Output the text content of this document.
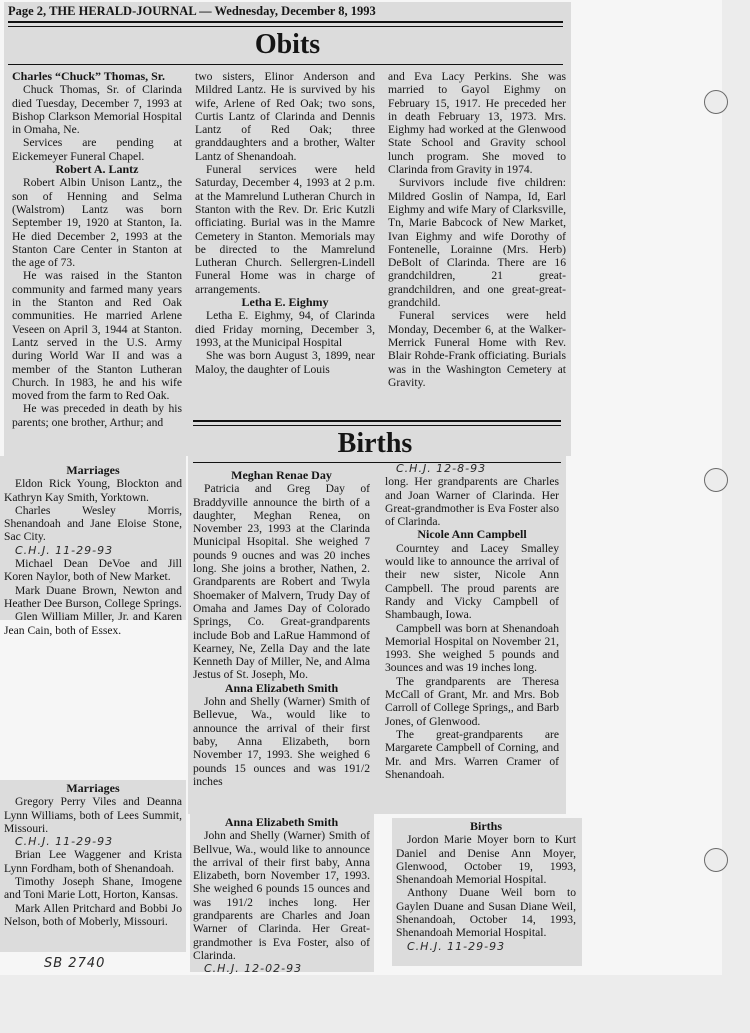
Page 2, THE HERALD-JOURNAL — Wednesday, December 8, 1993
Obits

Charles “Chuck” Thomas, Sr.

Chuck Thomas, Sr. of Clarinda died Tuesday, December 7, 1993 at Bishop Clarkson Memorial Hospital in Omaha, Ne.

Services are pending at Eickemeyer Funeral Chapel.

Robert A. Lantz

Robert Albin Unison Lantz,, the son of Henning and Selma (Walstrom) Lantz was born September 19, 1920 at Stanton, Ia. He died December 2, 1993 at the Stanton Care Center in Stanton at the age of 73.

He was raised in the Stanton community and farmed many years in the Stanton and Red Oak communities. He married Arlene Veseen on April 3, 1944 at Stanton. Lantz served in the U.S. Army during World War II and was a member of the Stanton Lutheran Church. In 1983, he and his wife moved from the farm to Red Oak.

He was preceded in death by his parents; one brother, Arthur; and

two sisters, Elinor Anderson and Mildred Lantz. He is survived by his wife, Arlene of Red Oak; two sons, Curtis Lantz of Clarinda and Dennis Lantz of Red Oak; three granddaughters and a brother, Walter Lantz of Shenandoah.

Funeral services were held Saturday, December 4, 1993 at 2 p.m. at the Mamrelund Lutheran Church in Stanton with the Rev. Dr. Eric Kutzli officiating. Burial was in the Mamre Cemetery in Stanton. Memorials may be directed to the Mamrelund Lutheran Church. Sellergren-Lindell Funeral Home was in charge of arrangements.

Letha E. Eighmy

Letha E. Eighmy, 94, of Clarinda died Friday morning, December 3, 1993, at the Municipal Hospital

She was born August 3, 1899, near Maloy, the daughter of Louis

and Eva Lacy Perkins. She was married to Gayol Eighmy on February 15, 1917. He preceded her in death February 13, 1973. Mrs. Eighmy had worked at the Glenwood State School and Gravity school lunch program. She moved to Clarinda from Gravity in 1974.

Survivors include five children: Mildred Goslin of Nampa, Id, Earl Eighmy and wife Mary of Clarksville, Tn, Marie Babcock of New Market, Ivan Eighmy and wife Dorothy of Fontenelle, Lorainne (Mrs. Herb) DeBolt of Clarinda. There are 16 grandchildren, 21 great-grandchildren, and one great-great-grandchild.

Funeral services were held Monday, December 6, at the Walker-Merrick Funeral Home with Rev. Blair Rohde-Frank officiating. Burials was in the Washington Cemetery at Gravity.

Births

Meghan Renae Day

Patricia and Greg Day of Braddyville announce the birth of a daughter, Meghan Renea, on November 23, 1993 at the Clarinda Municipal Hsopital. She weighed 7 pounds 9 oucnes and was 20 inches long. She joins a brother, Nathen, 2. Grandparents are Robert and Twyla Shoemaker of Malvern, Trudy Day of Omaha and James Day of Colorado Springs, Co. Great-grandparents include Bob and LaRue Hammond of Kearney, Ne, Zella Day and the late Kenneth Day of Miller, Ne, and Alma Jestus of St. Joseph, Mo.

Anna Elizabeth Smith

John and Shelly (Warner) Smith of Bellevue, Wa., would like to announce the arrival of their first baby, Anna Elizabeth, born November 17, 1993. She weighed 6 pounds 15 ounces and was 191/2 inches

C.H.J. 12-8-93

long. Her grandparents are Charles and Joan Warner of Clarinda. Her Great-grandmother is Eva Foster also of Clarinda.

Nicole Ann Campbell

Courntey and Lacey Smalley would like to announce the arrival of their new sister, Nicole Ann Campbell. The proud parents are Randy and Vicky Campbell of Shambaugh, Iowa.

Campbell was born at Shenandoah Memorial Hospital on November 21, 1993. She weighed 5 pounds and 3ounces and was 19 inches long.

The grandparents are Theresa McCall of Grant, Mr. and Mrs. Bob Carroll of College Springs,, and Barb Jones, of Glenwood.

The great-grandparents are Margarete Campbell of Corning, and Mr. and Mrs. Warren Cramer of Shenandoah.

Marriages

Eldon Rick Young, Blockton and Kathryn Kay Smith, Yorktown.

Charles Wesley Morris, Shenandoah and Jane Eloise Stone, Sac City.

C.H.J. 11-29-93

Michael Dean DeVoe and Jill Koren Naylor, both of New Market.

Mark Duane Brown, Newton and Heather Dee Burson, College Springs.

Glen William Miller, Jr. and Karen Jean Cain, both of Essex.

Marriages

Gregory Perry Viles and Deanna Lynn Williams, both of Lees Summit, Missouri.

C.H.J. 11-29-93

Brian Lee Waggener and Krista Lynn Fordham, both of Shenandoah.

Timothy Joseph Shane, Imogene and Toni Marie Lott, Horton, Kansas.

Mark Allen Pritchard and Bobbi Jo Nelson, both of Moberly, Missouri.

Anna Elizabeth Smith

John and Shelly (Warner) Smith of Bellvue, Wa., would like to announce the arrival of their first baby, Anna Elizabeth, born November 17, 1993. She weighed 6 pounds 15 ounces and was 191/2 inches long. Her grandparents are Charles and Joan Warner of Clarinda. Her Great-grandmother is Eva Foster, also of Clarinda.

C.H.J. 12-02-93

Births

Jordon Marie Moyer born to Kurt Daniel and Denise Ann Moyer, Glenwood, October 19, 1993, Shenandoah Memorial Hospital.

Anthony Duane Weil born to Gaylen Duane and Susan Diane Weil, Shenandoah, October 14, 1993, Shenandoah Memorial Hospital.

C.H.J. 11-29-93

SB 2740
